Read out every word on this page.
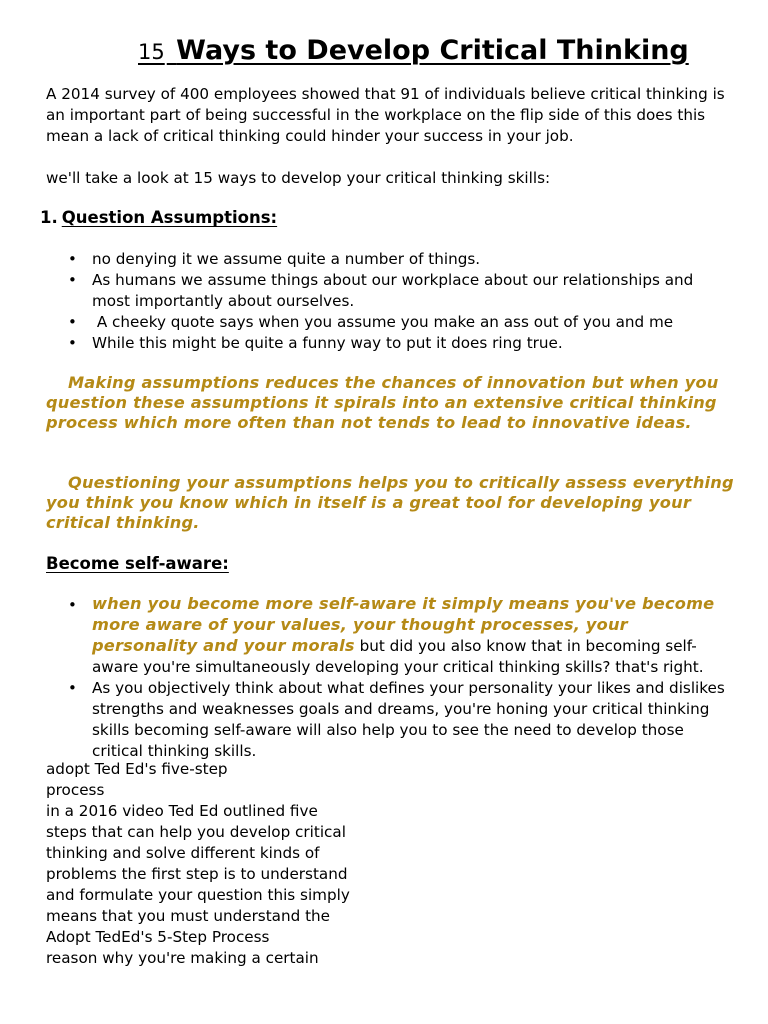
15 Ways to Develop Critical Thinking
A 2014 survey of 400 employees showed that 91 of individuals believe critical thinking is an important part of being successful in the workplace on the flip side of this does this mean a lack of critical thinking could hinder your success in your job.
we'll take a look at 15 ways to develop your critical thinking skills:
1. Question Assumptions:
• no denying it we assume quite a number of things.
• As humans we assume things about our workplace about our relationships and most importantly about ourselves.
• A cheeky quote says when you assume you make an ass out of you and me
• While this might be quite a funny way to put it does ring true.
Making assumptions reduces the chances of innovation but when you question these assumptions it spirals into an extensive critical thinking process which more often than not tends to lead to innovative ideas.
Questioning your assumptions helps you to critically assess everything you think you know which in itself is a great tool for developing your critical thinking.
Become self-aware:
• when you become more self-aware it simply means you've become more aware of your values, your thought processes, your personality and your morals but did you also know that in becoming self-aware you're simultaneously developing your critical thinking skills? that's right.
• As you objectively think about what defines your personality your likes and dislikes strengths and weaknesses goals and dreams, you're honing your critical thinking skills becoming self-aware will also help you to see the need to develop those critical thinking skills.
adopt Ted Ed's five-step
process
in a 2016 video Ted Ed outlined five
steps that can help you develop critical
thinking and solve different kinds of
problems the first step is to understand
and formulate your question this simply
means that you must understand the
Adopt TedEd's 5-Step Process
reason why you're making a certain
